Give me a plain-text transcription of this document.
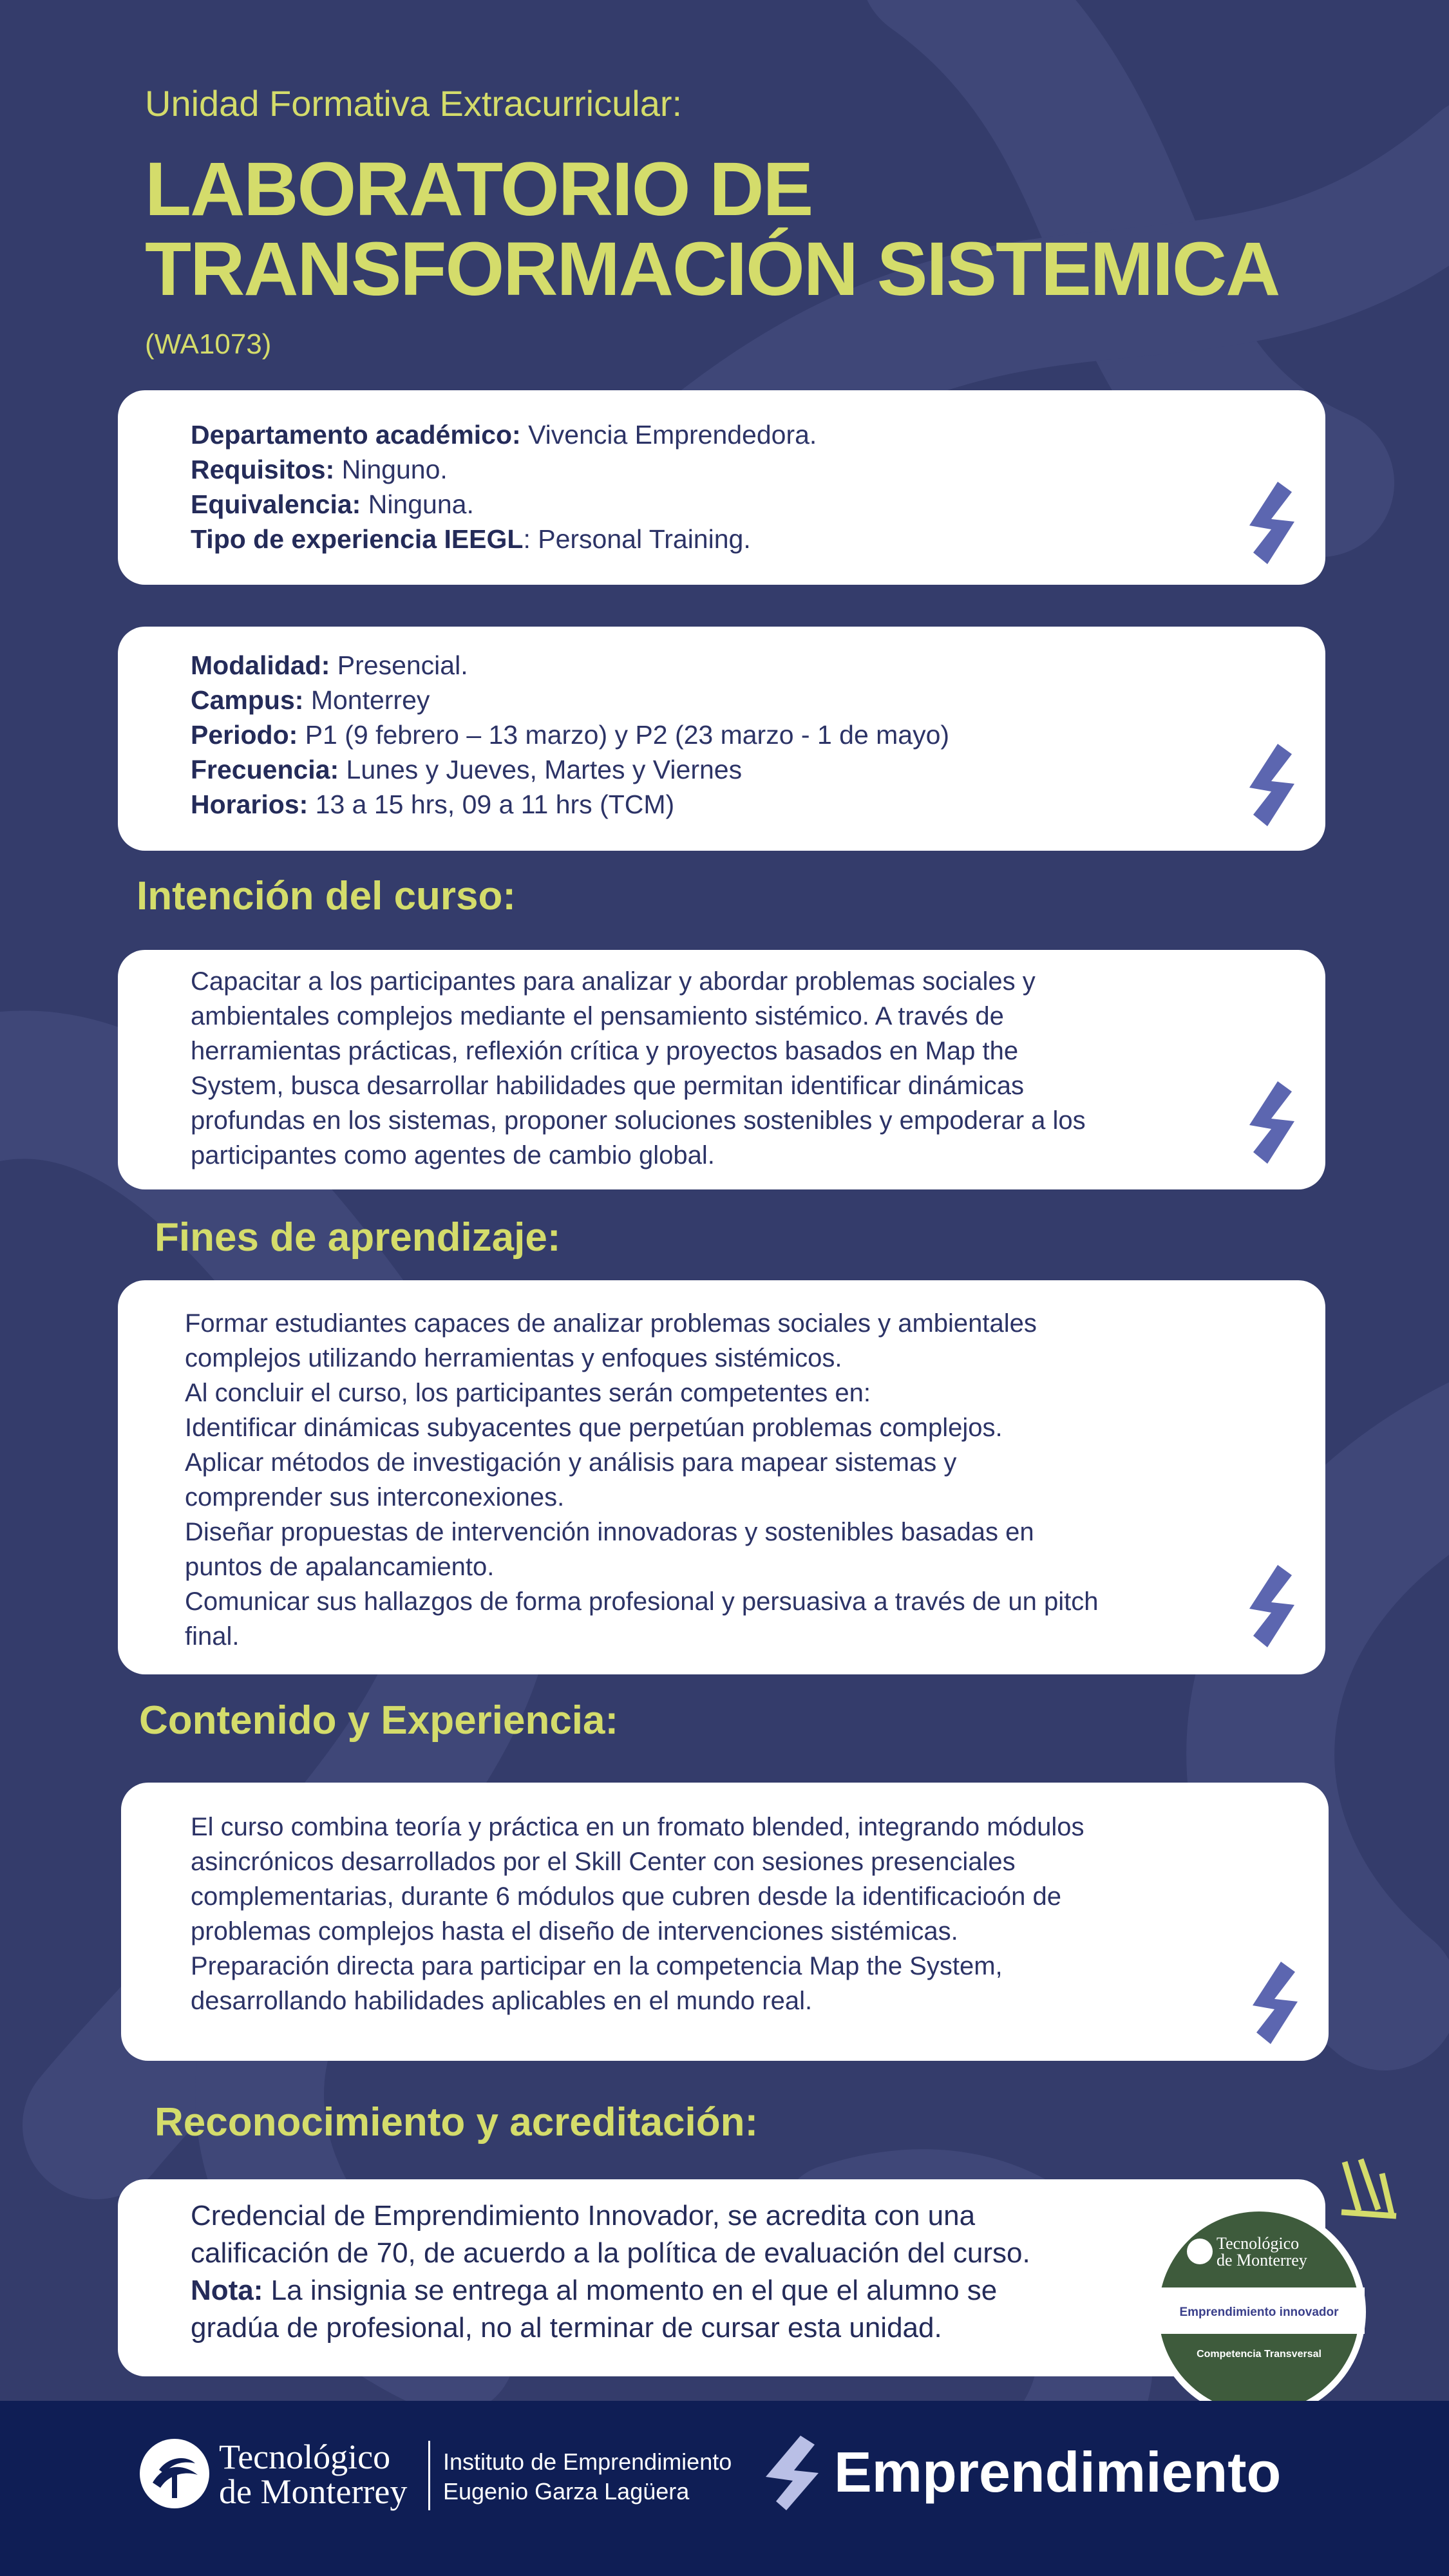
Unidad Formativa Extracurricular:
LABORATORIO DE
TRANSFORMACIÓN SISTEMICA
(WA1073)
Departamento académico: Vivencia Emprendedora.
Requisitos: Ninguno.
Equivalencia: Ninguna.
Tipo de experiencia IEEGL: Personal Training.
Modalidad: Presencial.
Campus: Monterrey
Periodo: P1 (9 febrero – 13 marzo) y P2 (23 marzo - 1 de mayo)
Frecuencia: Lunes y Jueves, Martes y Viernes
Horarios: 13 a 15 hrs, 09 a 11 hrs (TCM)
Intención del curso:
Capacitar a los participantes para analizar y abordar problemas sociales y
ambientales complejos mediante el pensamiento sistémico. A través de
herramientas prácticas, reflexión crítica y proyectos basados en Map the
System, busca desarrollar habilidades que permitan identificar dinámicas
profundas en los sistemas, proponer soluciones sostenibles y empoderar a los
participantes como agentes de cambio global.
Fines de aprendizaje:
Formar estudiantes capaces de analizar problemas sociales y ambientales
complejos utilizando herramientas y enfoques sistémicos.
Al concluir el curso, los participantes serán competentes en:
Identificar dinámicas subyacentes que perpetúan problemas complejos.
Aplicar métodos de investigación y análisis para mapear sistemas y
comprender sus interconexiones.
Diseñar propuestas de intervención innovadoras y sostenibles basadas en
puntos de apalancamiento.
Comunicar sus hallazgos de forma profesional y persuasiva a través de un pitch
final.
Contenido y Experiencia:
El curso combina teoría y práctica en un fromato blended, integrando módulos
asincrónicos desarrollados por el Skill Center con sesiones presenciales
complementarias, durante 6 módulos que cubren desde la identificacioón de
problemas complejos hasta el diseño de intervenciones sistémicas.
Preparación directa para participar en la competencia Map the System,
desarrollando habilidades aplicables en el mundo real.
Reconocimiento y acreditación:
Credencial de Emprendimiento Innovador, se acredita con una
calificación de 70, de acuerdo a la política de evaluación del curso.
Nota: La insignia se entrega al momento en el que el alumno se
gradúa de profesional, no al terminar de cursar esta unidad.
Tecnológico
de Monterrey
Emprendimiento innovador
Competencia Transversal
Tecnológico
de Monterrey
Instituto de Emprendimiento
Eugenio Garza Lagüera	Emprendimiento
